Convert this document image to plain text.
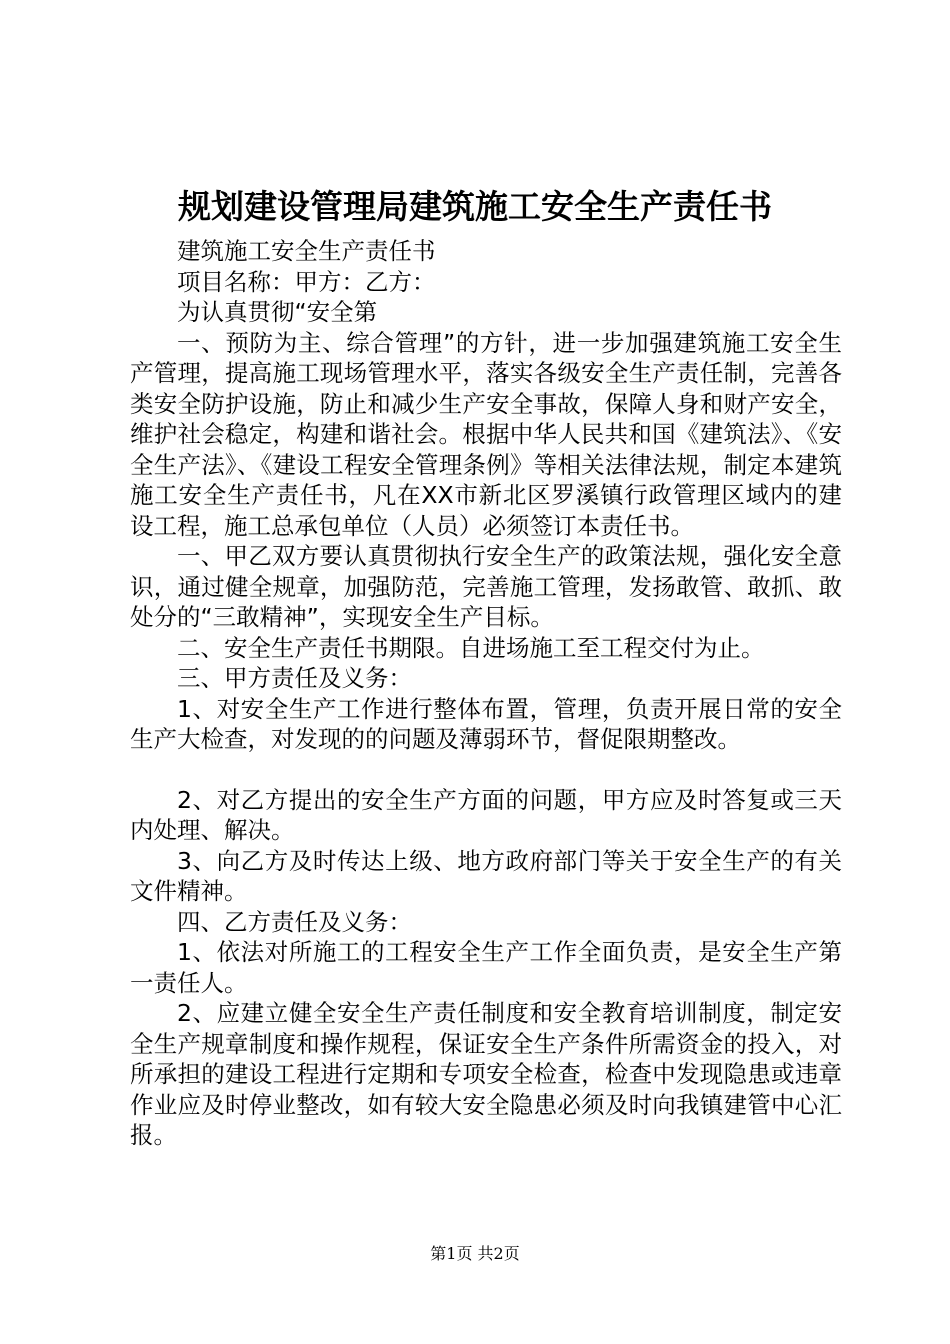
规划建设管理局建筑施工安全生产责任书

建筑施工安全生产责任书

项目名称：甲方：乙方：

为认真贯彻“安全第

一、预防为主、综合管理”的方针，进一步加强建筑施工安全生产管理，提高施工现场管理水平，落实各级安全生产责任制，完善各类安全防护设施，防止和减少生产安全事故，保障人身和财产安全，维护社会稳定，构建和谐社会。根据中华人民共和国《建筑法》、《安全生产法》、《建设工程安全管理条例》等相关法律法规，制定本建筑施工安全生产责任书，凡在XX市新北区罗溪镇行政管理区域内的建设工程，施工总承包单位（人员）必须签订本责任书。

一、甲乙双方要认真贯彻执行安全生产的政策法规，强化安全意识，通过健全规章，加强防范，完善施工管理，发扬敢管、敢抓、敢处分的“三敢精神”，实现安全生产目标。

二、安全生产责任书期限。自进场施工至工程交付为止。

三、甲方责任及义务：

1、对安全生产工作进行整体布置，管理，负责开展日常的安全生产大检查，对发现的的问题及薄弱环节，督促限期整改。

2、对乙方提出的安全生产方面的问题，甲方应及时答复或三天内处理、解决。

3、向乙方及时传达上级、地方政府部门等关于安全生产的有关文件精神。

四、乙方责任及义务：

1、依法对所施工的工程安全生产工作全面负责，是安全生产第一责任人。

2、应建立健全安全生产责任制度和安全教育培训制度，制定安全生产规章制度和操作规程，保证安全生产条件所需资金的投入，对所承担的建设工程进行定期和专项安全检查，检查中发现隐患或违章作业应及时停业整改，如有较大安全隐患必须及时向我镇建管中心汇报。

第1页 共2页
